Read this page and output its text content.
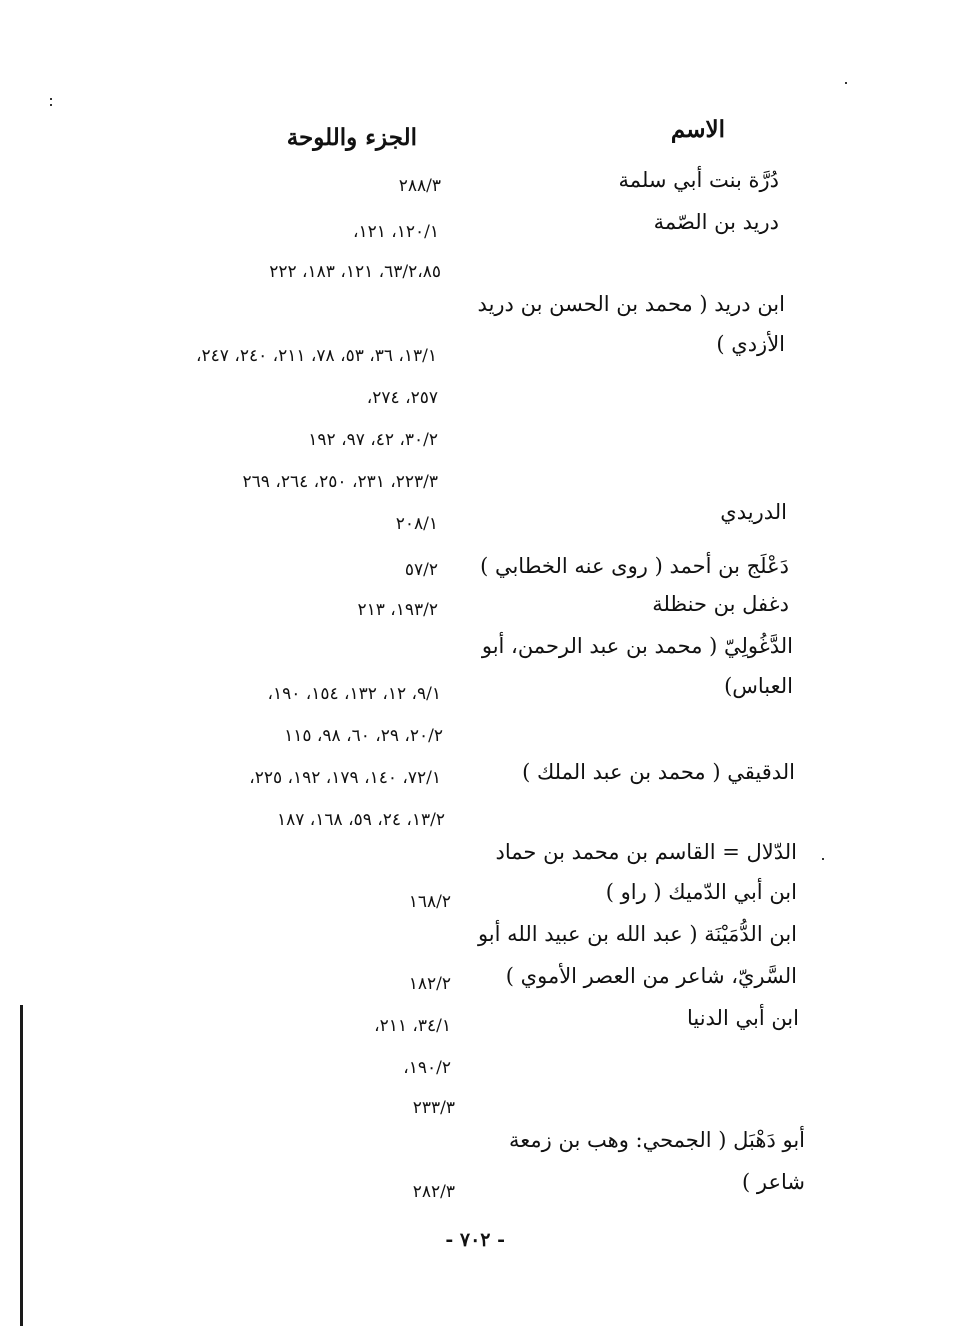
الاسم
الجزء واللوحة
دُرَّة بنت أبي سلمة
٢٨٨/٣
دريد بن الصّمة
١٢٠/١، ١٢١،
٦٣/٢،٨٥، ١٢١، ١٨٣، ٢٢٢
ابن دريد ( محمد بن الحسن بن دريد
الأزدي )
١٣/١، ٣٦، ٥٣، ٧٨، ٢١١، ٢٤٠، ٢٤٧،
٢٥٧، ٢٧٤،
٣٠/٢، ٤٢، ٩٧، ١٩٢
٢٢٣/٣، ٢٣١، ٢٥٠، ٢٦٤، ٢٦٩
الدريدي
٢٠٨/١
دَعْلَج بن أحمد ( روى عنه الخطابي )
٥٧/٢
دغفل بن حنظلة
١٩٣/٢، ٢١٣
الدَّغُولِيّ ( محمد بن عبد الرحمن، أبو
العباس)
٩/١، ١٢، ١٣٢، ١٥٤، ١٩٠،
٢٠/٢، ٢٩، ٦٠، ٩٨، ١١٥
الدقيقي ( محمد بن عبد الملك )
٧٢/١، ١٤٠، ١٧٩، ١٩٢، ٢٢٥،
١٣/٢، ٢٤، ٥٩، ١٦٨، ١٨٧
الدّلال = القاسم بن محمد بن حماد
ابن أبي الدّميك ( راو )
١٦٨/٢
ابن الدُّمَيْنَة ( عبد الله بن عبيد الله أبو
السَّريّ، شاعر من العصر الأموي )
١٨٢/٢
ابن أبي الدنيا
٣٤/١، ٢١١،
١٩٠/٢،
٢٣٣/٣
أبو دَهْبَل ( الجمحي: وهب بن زمعة
شاعر )
٢٨٢/٣
- ٧٠٢ -
